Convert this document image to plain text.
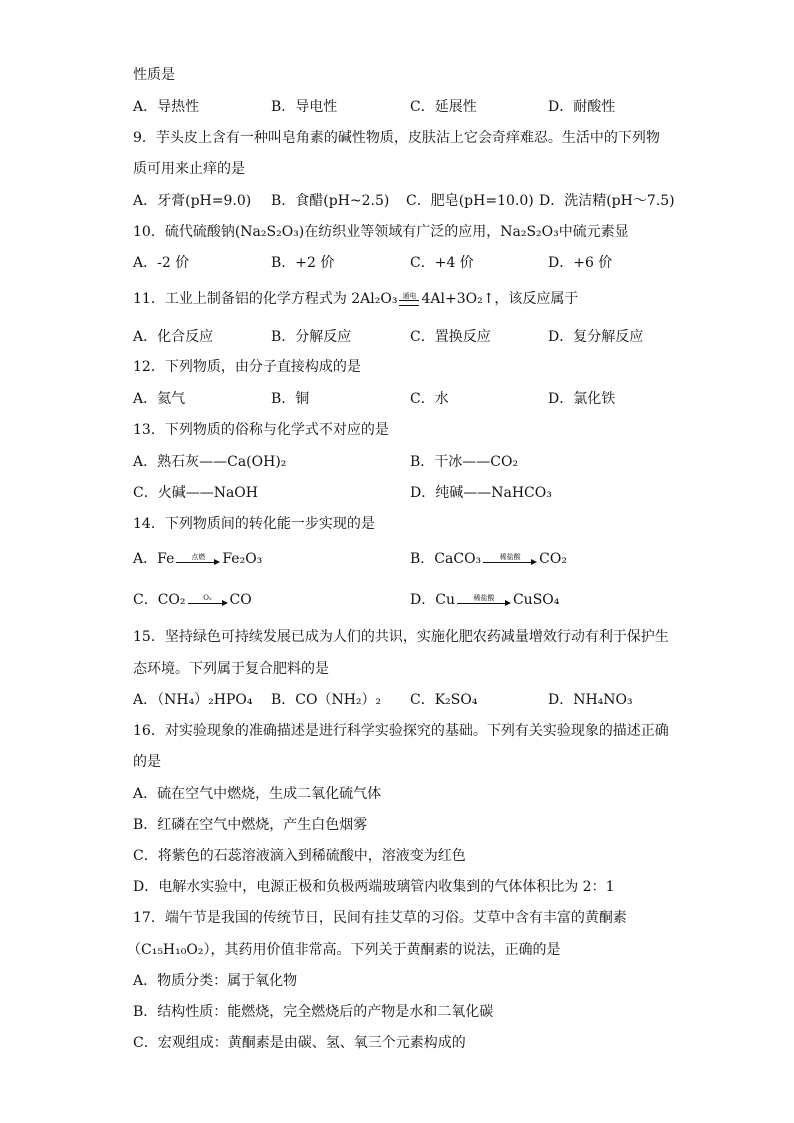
性质是
A．导热性	B．导电性	C．延展性	D．耐酸性
9．芋头皮上含有一种叫皂角素的碱性物质，皮肤沾上它会奇痒难忍。生活中的下列物
质可用来止痒的是
A．牙膏(pH=9.0) B．食醋(pH~2.5) C．肥皂(pH=10.0) D．洗洁精(pH～7.5)
10．硫代硫酸钠(Na₂S₂O₃)在纺织业等领域有广泛的应用，Na₂S₂O₃中硫元素显
A．-2 价	B．+2 价	C．+4 价	D．+6 价
11．工业上制备铝的化学方程式为 2Al₂O₃ 通电 4Al+3O₂↑，该反应属于
A．化合反应	B．分解反应	C．置换反应	D．复分解反应
12．下列物质，由分子直接构成的是
A．氦气	B．铜	C．水	D．氯化铁
13．下列物质的俗称与化学式不对应的是
A．熟石灰——Ca(OH)₂	B．干冰——CO₂
C．火碱——NaOH	D．纯碱——NaHCO₃
14．下列物质间的转化能一步实现的是
A．Fe	点燃	Fe₂O₃	B．CaCO₃	稀盐酸	CO₂
C．CO₂	O₂	CO	D．Cu	稀盐酸	CuSO₄
15．坚持绿色可持续发展已成为人们的共识，实施化肥农药减量增效行动有利于保护生
态环境。下列属于复合肥料的是
A．（NH₄）₂HPO₄ B．CO（NH₂）₂ C．K₂SO₄	D．NH₄NO₃
16．对实验现象的准确描述是进行科学实验探究的基础。下列有关实验现象的描述正确
的是
A．硫在空气中燃烧，生成二氧化硫气体
B．红磷在空气中燃烧，产生白色烟雾
C．将紫色的石蕊溶液滴入到稀硫酸中，溶液变为红色
D．电解水实验中，电源正极和负极两端玻璃管内收集到的气体体积比为 2：1
17．端午节是我国的传统节日，民间有挂艾草的习俗。艾草中含有丰富的黄酮素
（C₁₅H₁₀O₂），其药用价值非常高。下列关于黄酮素的说法，正确的是
A．物质分类：属于氧化物
B．结构性质：能燃烧，完全燃烧后的产物是水和二氧化碳
C．宏观组成：黄酮素是由碳、氢、氧三个元素构成的
